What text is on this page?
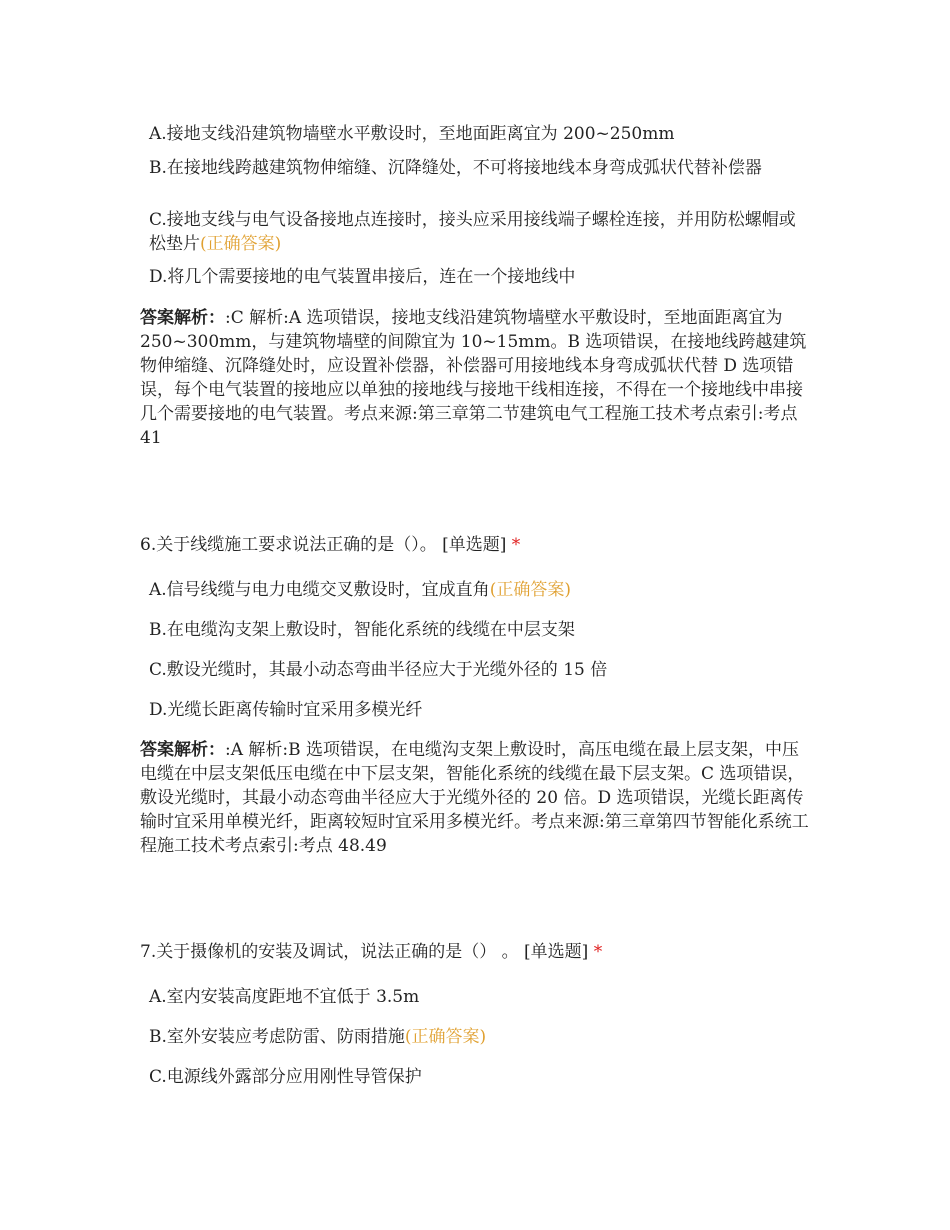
A.接地支线沿建筑物墙壁水平敷设时，至地面距离宜为 200~250mm
B.在接地线跨越建筑物伸缩缝、沉降缝处，不可将接地线本身弯成弧状代替补偿器
C.接地支线与电气设备接地点连接时，接头应采用接线端子螺栓连接，并用防松螺帽或松垫片(正确答案)
D.将几个需要接地的电气装置串接后，连在一个接地线中
答案解析：:C 解析:A 选项错误，接地支线沿建筑物墙壁水平敷设时，至地面距离宜为 250~300mm，与建筑物墙壁的间隙宜为 10~15mm。B 选项错误，在接地线跨越建筑物伸缩缝、沉降缝处时，应设置补偿器，补偿器可用接地线本身弯成弧状代替 D 选项错误，每个电气装置的接地应以单独的接地线与接地干线相连接，不得在一个接地线中串接几个需要接地的电气装置。考点来源:第三章第二节建筑电气工程施工技术考点索引:考点 41
6.关于线缆施工要求说法正确的是（）。 [单选题] *
A.信号线缆与电力电缆交叉敷设时，宜成直角(正确答案)
B.在电缆沟支架上敷设时，智能化系统的线缆在中层支架
C.敷设光缆时，其最小动态弯曲半径应大于光缆外径的 15 倍
D.光缆长距离传输时宜采用多模光纤
答案解析：:A 解析:B 选项错误，在电缆沟支架上敷设时，高压电缆在最上层支架，中压电缆在中层支架低压电缆在中下层支架，智能化系统的线缆在最下层支架。C 选项错误，敷设光缆时，其最小动态弯曲半径应大于光缆外径的 20 倍。D 选项错误，光缆长距离传输时宜采用单模光纤，距离较短时宜采用多模光纤。考点来源:第三章第四节智能化系统工程施工技术考点索引:考点 48.49
7.关于摄像机的安装及调试，说法正确的是（） 。 [单选题] *
A.室内安装高度距地不宜低于 3.5m
B.室外安装应考虑防雷、防雨措施(正确答案)
C.电源线外露部分应用刚性导管保护
